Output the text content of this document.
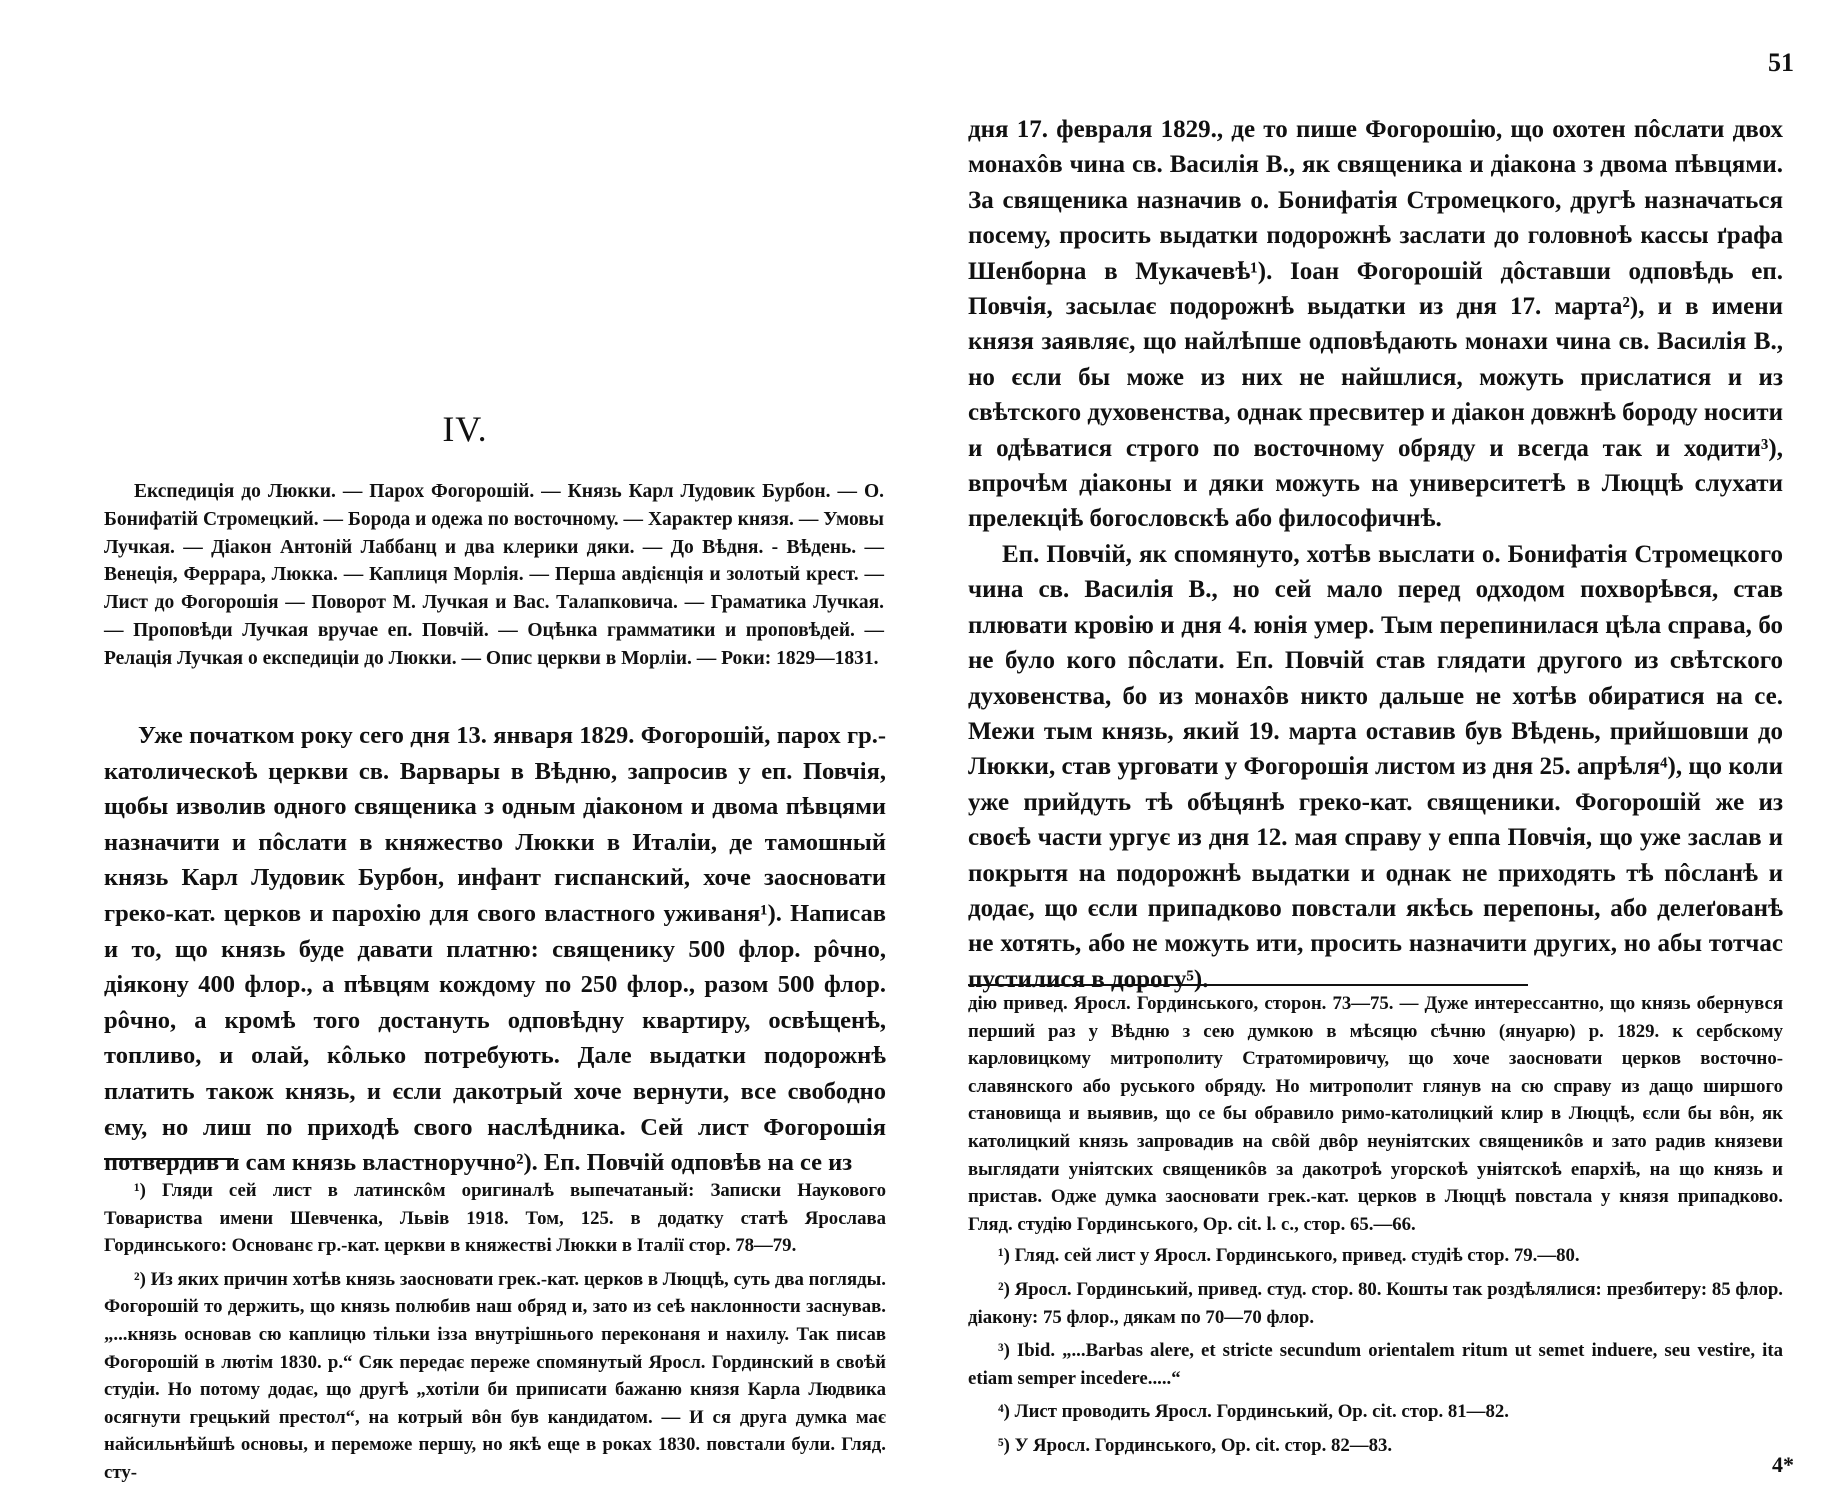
IV.

Експедиція до Люкки. — Парох Фогорошій. — Князь Карл Лудовик Бурбон. — О. Бонифатій Стромецкий. — Борода и одежа по восточному. — Характер князя. — Умовы Лучкая. — Діакон Антоній Лаббанц и два клерики дяки. — До Вѣдня. - Вѣдень. — Венеція, Феррара, Люкка. — Каплиця Морлія. — Перша авдієнція и золотый крест. — Лист до Фогорошія — Поворот М. Лучкая и Вас. Талапковича. — Граматика Лучкая. — Проповѣди Лучкая вручае еп. Повчій. — Оцѣнка грамматики и проповѣдей. — Релація Лучкая о експедиціи до Люкки. — Опис церкви в Морліи. — Роки: 1829—1831.

Уже початком року сего дня 13. января 1829. Фогорошій, парох гр.-католическоѣ церкви св. Варвары в Вѣдню, запросив у еп. Повчія, щобы изволив одного священика з одным діаконом и двома пѣвцями назначити и пôслати в княжество Люкки в Италіи, де тамошный князь Карл Лудовик Бурбон, инфант гиспанский, хоче заосновати греко-кат. церков и парохію для свого властного уживаня¹). Написав и то, що князь буде давати платню: священику 500 флор. рôчно, діякону 400 флор., а пѣвцям кождому по 250 флор., разом 500 флор. рôчно, а кромѣ того достануть одповѣдну квартиру, освѣщенѣ, топливо, и олай, кôлько потребують. Дале выдатки подорожнѣ платить також князь, и єсли дакотрый хоче вернути, все свободно єму, но лиш по приходѣ свого наслѣдника. Сей лист Фогорошія потвердив и сам князь властноручно²). Еп. Повчій одповѣв на се из

¹) Гляди сей лист в латинскôм оригиналѣ выпечатаный: Записки Наукового Товариства имени Шевченка, Львів 1918. Том, 125. в додатку статѣ Ярослава Гординського: Основанє гр.-кат. церкви в княжестві Люкки в Італії стор. 78—79.

²) Из яких причин хотѣв князь заосновати грек.-кат. церков в Люццѣ, суть два погляды. Фогорошій то держить, що князь полюбив наш обряд и, зато из сеѣ наклонности заснував. „...князь основав сю каплицю тільки ізза внутрішнього переконаня и нахилу. Так писав Фогорошій в лютім 1830. р.“ Сяк передає переже спомянутый Яросл. Гординский в своѣй студіи. Но потому додає, що другѣ „хотіли би приписати бажаню князя Карла Людвика осягнути грецький престол“, на котрый вôн був кандидатом. — И ся друга думка має найсильнѣйшѣ основы, и переможе першу, но якѣ еще в роках 1830. повстали були. Гляд. сту-

51

дня 17. февраля 1829., де то пише Фогорошію, що охотен пôслати двох монахôв чина св. Василія В., як священика и діакона з двома пѣвцями. За священика назначив о. Бонифатія Стромецкого, другѣ назначаться посему, просить выдатки подорожнѣ заслати до головноѣ кассы ґрафа Шенборна в Мукачевѣ¹). Іоан Фогорошій дôставши одповѣдь еп. Повчія, засылає подорожнѣ выдатки из дня 17. марта²), и в имени князя заявляє, що найлѣпше одповѣдають монахи чина св. Василія В., но єсли бы може из них не найшлися, можуть прислатися и из свѣтского духовенства, однак пресвитер и діакон довжнѣ бороду носити и одѣватися строго по восточному обряду и всегда так и ходити³), впрочѣм діаконы и дяки можуть на университетѣ в Люццѣ слухати прелекціѣ богословскѣ або философичнѣ.

Еп. Повчій, як спомянуто, хотѣв выслати о. Бонифатія Стромецкого чина св. Василія В., но сей мало перед одходом похворѣвся, став плювати кровію и дня 4. юнія умер. Тым перепинилася цѣла справа, бо не було кого пôслати. Еп. Повчій став глядати другого из свѣтского духовенства, бо из монахôв никто дальше не хотѣв обиратися на се. Межи тым князь, який 19. марта оставив був Вѣдень, прийшовши до Люкки, став урговати у Фогорошія листом из дня 25. апрѣля⁴), що коли уже прийдуть тѣ обѣцянѣ греко-кат. священики. Фогорошій же из своєѣ части ургує из дня 12. мая справу у еппа Повчія, що уже заслав и покрытя на подорожнѣ выдатки и однак не приходять тѣ пôсланѣ и додає, що єсли припадково повстали якѣсь перепоны, або делеґованѣ не хотять, або не можуть ити, просить назначити других, но абы тотчас пустилися в дорогу⁵).

дію привед. Яросл. Гординського, сторон. 73—75. — Дуже интерессантно, що князь обернувся перший раз у Вѣдню з сею думкою в мѣсяцю сѣчню (януарю) р. 1829. к сербскому карловицкому митрополиту Стратомировичу, що хоче заосновати церков восточно-славянского або руського обряду. Но митрополит глянув на сю справу из дащо ширшого становища и выявив, що се бы обравило римо-католицкий клир в Люццѣ, єсли бы вôн, як католицкий князь запровадив на свôй двôр неуніятских священикôв и зато радив князеви выглядати уніятских священикôв за дакотроѣ угорскоѣ уніятскоѣ епархіѣ, на що князь и пристав. Одже думка заосновати грек.-кат. церков в Люццѣ повстала у князя припадково. Гляд. студію Гординського, Op. cit. l. c., стор. 65.—66.

¹) Гляд. сей лист у Яросл. Гординського, привед. студіѣ стор. 79.—80.

²) Яросл. Гординський, привед. студ. стор. 80. Кошты так роздѣлялися: презбитеру: 85 флор. діакону: 75 флор., дякам по 70—70 флор.

³) Ibid. „...Barbas alere, et stricte secundum orientalem ritum ut semet induere, seu vestire, ita etiam semper incedere.....“

⁴) Лист проводить Яросл. Гординський, Op. cit. стор. 81—82.

⁵) У Яросл. Гординського, Op. cit. стор. 82—83.

4*
